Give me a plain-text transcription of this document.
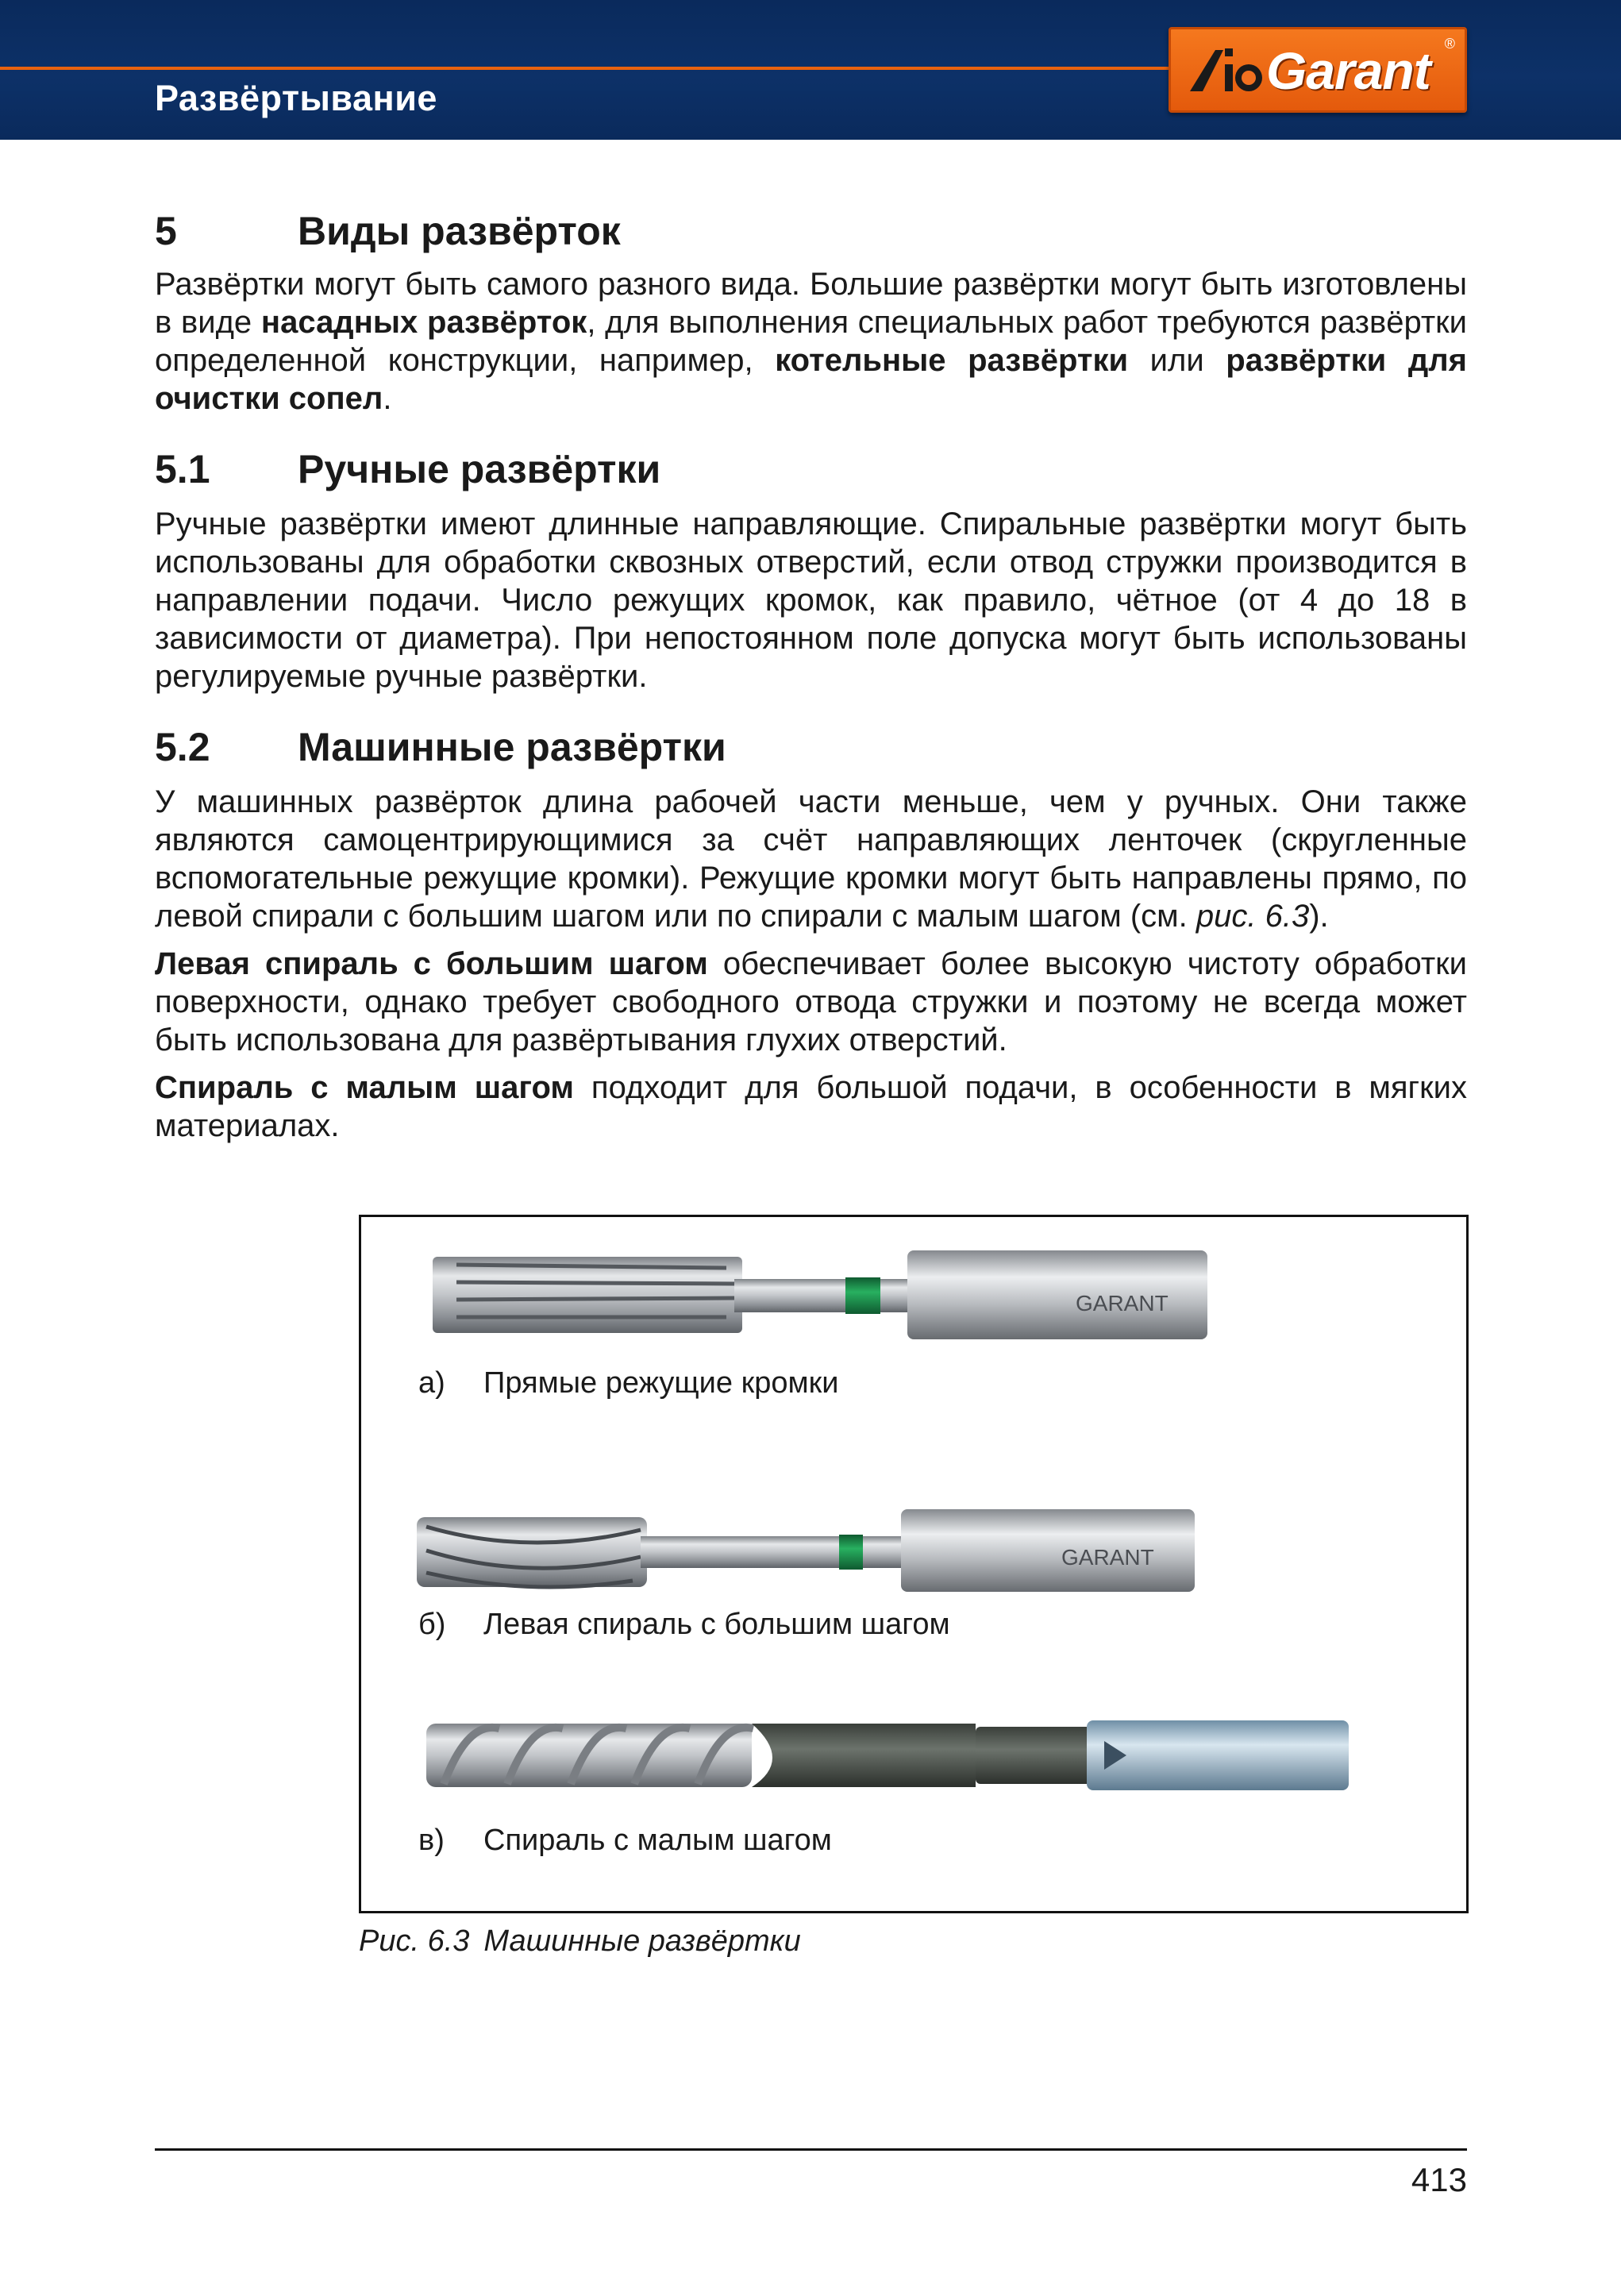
Развёртывание	Garant ®
5	Виды развёрток

Развёртки могут быть самого разного вида. Большие развёртки могут быть изготовлены в виде насадных развёрток, для выполнения специальных работ требуются развёртки определенной конструкции, например, котельные развёртки или развёртки для очистки сопел.

5.1	Ручные развёртки

Ручные развёртки имеют длинные направляющие. Спиральные развёртки могут быть использованы для обработки сквозных отверстий, если отвод стружки производится в направлении подачи. Число режущих кромок, как правило, чётное (от 4 до 18 в зависимости от диаметра). При непостоянном поле допуска могут быть использованы регулируемые ручные развёртки.

5.2	Машинные развёртки

У машинных развёрток длина рабочей части меньше, чем у ручных. Они также являются самоцентрирующимися за счёт направляющих ленточек (скругленные вспомогательные режущие кромки). Режущие кромки могут быть направлены прямо, по левой спирали с большим шагом или по спирали с малым шагом (см. рис. 6.3).

Левая спираль с большим шагом обеспечивает более высокую чистоту обработки поверхности, однако требует свободного отвода стружки и поэтому не всегда может быть использована для развёртывания глухих отверстий.

Спираль с малым шагом подходит для большой подачи, в особенности в мягких материалах.

GARANT
а)	Прямые режущие кромки
GARANT
б)	Левая спираль с большим шагом
в)	Спираль с малым шагом
Рис. 6.3 Машинные развёртки
413
